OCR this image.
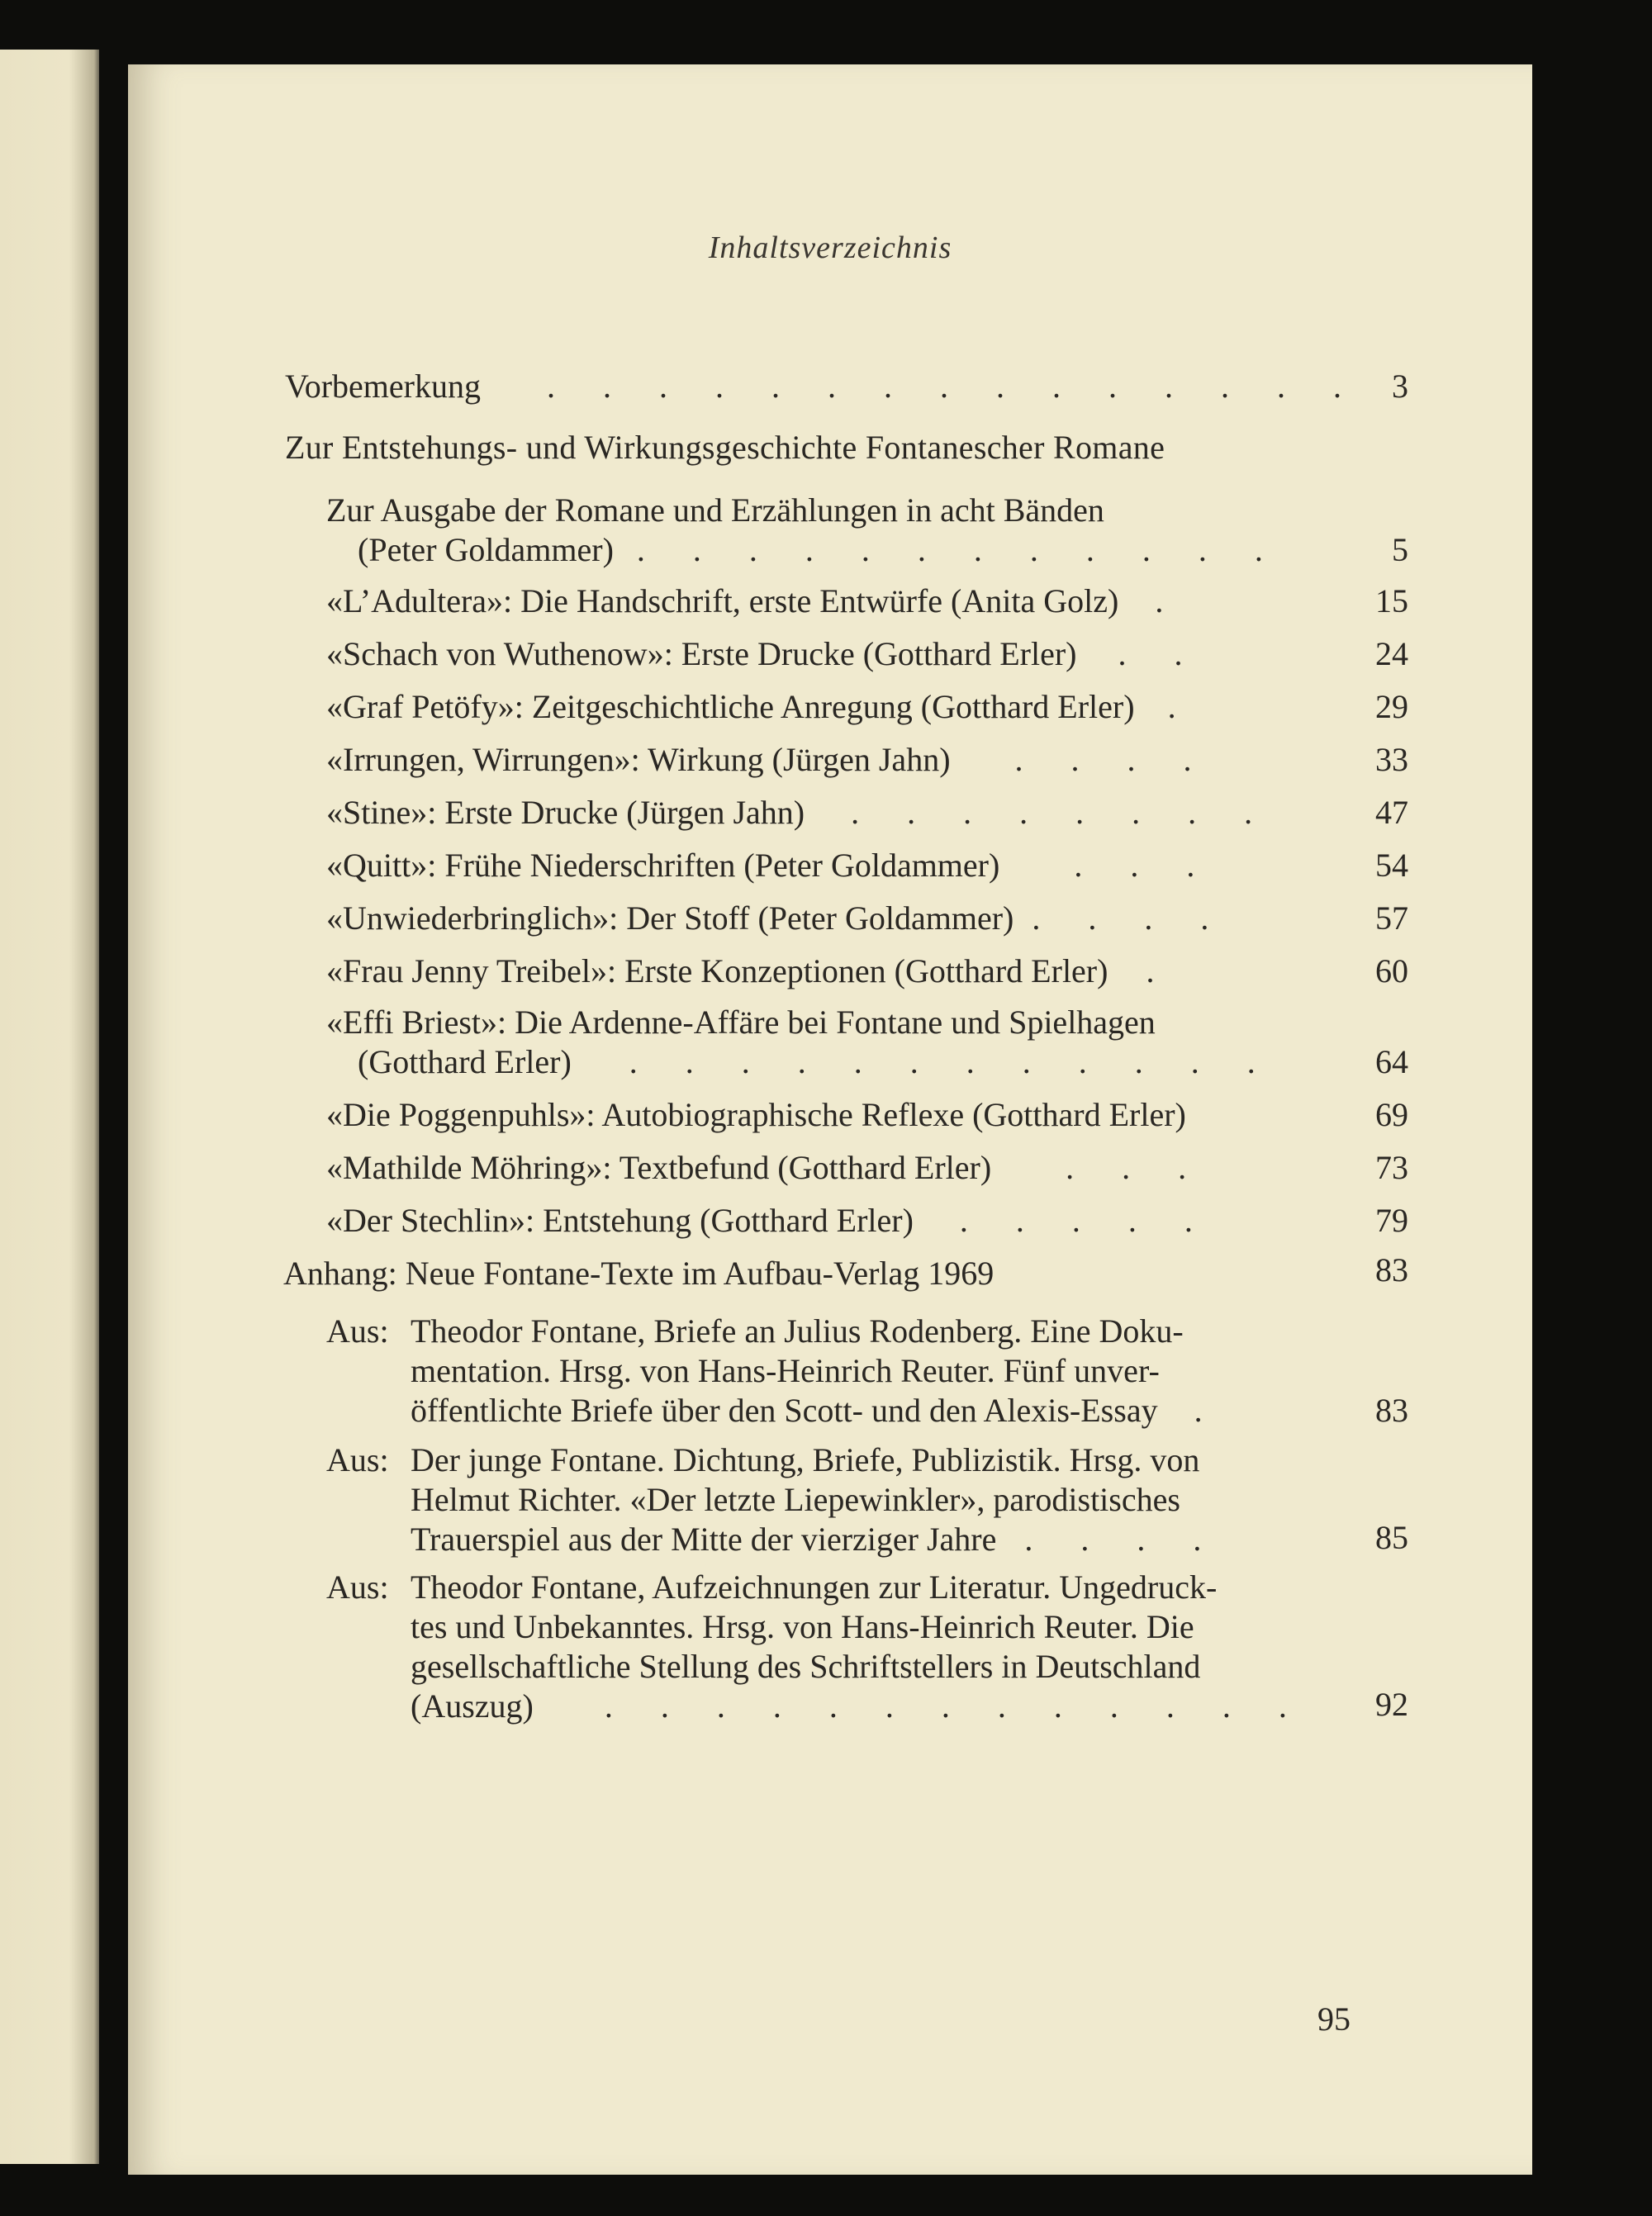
Inhaltsverzeichnis
Vorbemerkung . . . . . . . . . . . . . . . 3
Zur Entstehungs- und Wirkungsgeschichte Fontanescher Romane
Zur Ausgabe der Romane und Erzählungen in acht Bänden
(Peter Goldammer) . . . . . . . . . . . .	5
«L’Adultera»: Die Handschrift, erste Entwürfe (Anita Golz) .	15
«Schach von Wuthenow»: Erste Drucke (Gotthard Erler) . .	24
«Graf Petöfy»: Zeitgeschichtliche Anregung (Gotthard Erler) .	29
«Irrungen, Wirrungen»: Wirkung (Jürgen Jahn) . . . .	33
«Stine»: Erste Drucke (Jürgen Jahn) . . . . . . . .	47
«Quitt»: Frühe Niederschriften (Peter Goldammer) . . .	54
«Unwiederbringlich»: Der Stoff (Peter Goldammer) . . . .	57
«Frau Jenny Treibel»: Erste Konzeptionen (Gotthard Erler) .	60
«Effi Briest»: Die Ardenne-Affäre bei Fontane und Spielhagen
(Gotthard Erler) . . . . . . . . . . . .	64
«Die Poggenpuhls»: Autobiographische Reflexe (Gotthard Erler)	69
«Mathilde Möhring»: Textbefund (Gotthard Erler) . . .	73
«Der Stechlin»: Entstehung (Gotthard Erler) . . . . .	79
Anhang: Neue Fontane-Texte im Aufbau-Verlag 1969	83
Aus: Theodor Fontane, Briefe an Julius Rodenberg. Eine Doku-
mentation. Hrsg. von Hans-Heinrich Reuter. Fünf unver-
öffentlichte Briefe über den Scott- und den Alexis-Essay .	83
Aus: Der junge Fontane. Dichtung, Briefe, Publizistik. Hrsg. von
Helmut Richter. «Der letzte Liepewinkler», parodistisches
Trauerspiel aus der Mitte der vierziger Jahre . . . .	85
Aus: Theodor Fontane, Aufzeichnungen zur Literatur. Ungedruck-
tes und Unbekanntes. Hrsg. von Hans-Heinrich Reuter. Die
gesellschaftliche Stellung des Schriftstellers in Deutschland
(Auszug) . . . . . . . . . . . . .	92
95
